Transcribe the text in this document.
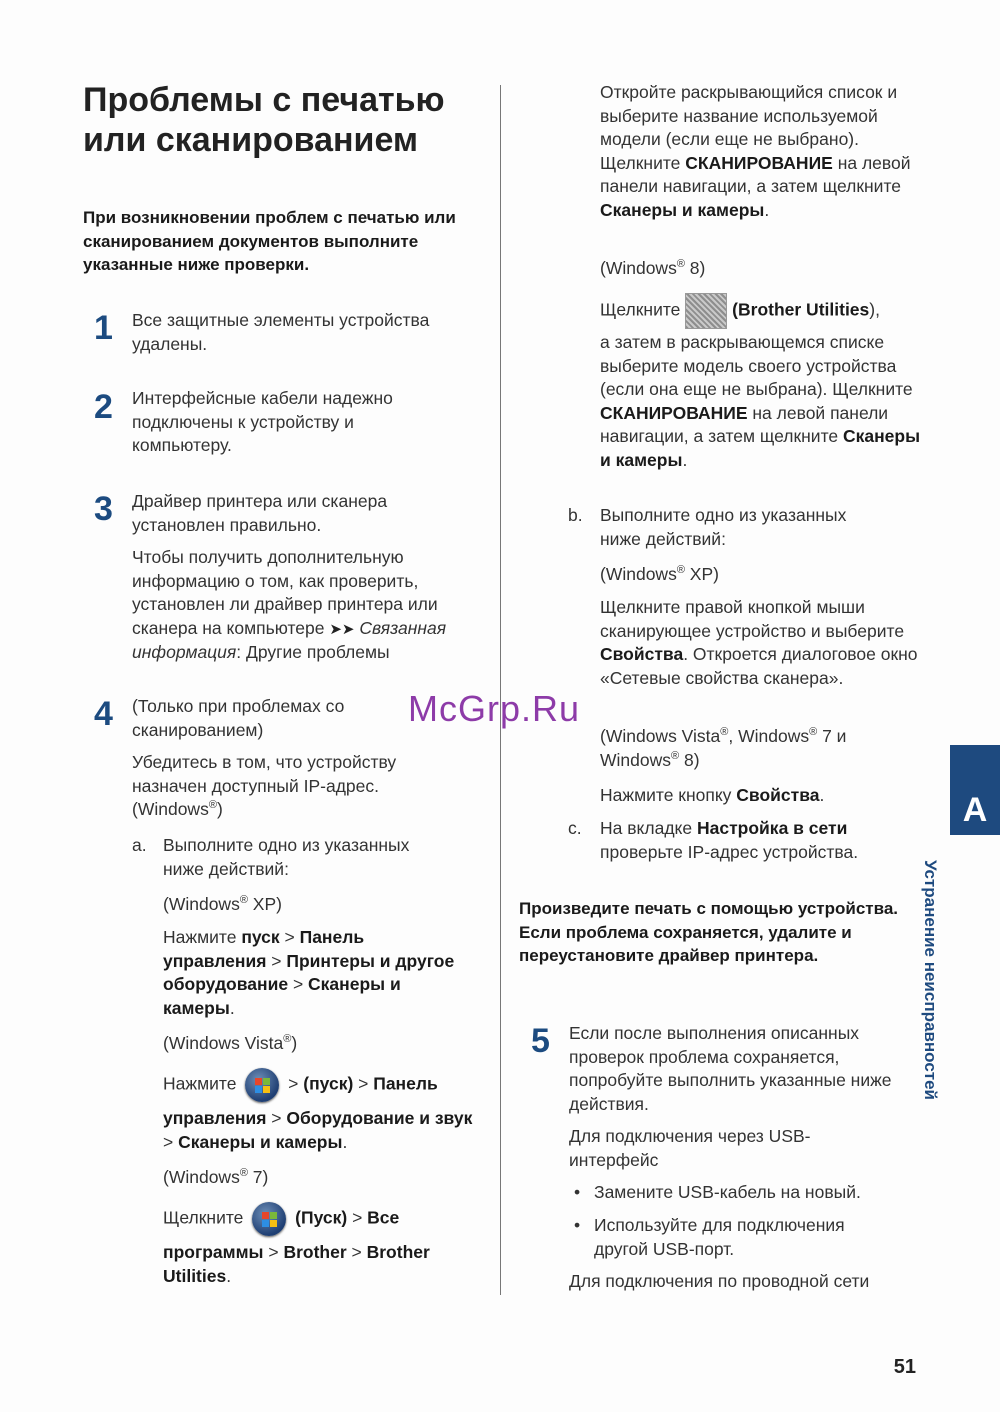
Проблемы с печатью
или сканированием
При возникновении проблем с печатью или сканированием документов выполните указанные ниже проверки.
1 Все защитные элементы устройства удалены.

2 Интерфейсные кабели надежно подключены к устройству и компьютеру.

3 Драйвер принтера или сканера установлен правильно.

Чтобы получить дополнительную информацию о том, как проверить, установлен ли драйвер принтера или сканера на компьютере ➤➤ Связанная информация: Другие проблемы

4 (Только при проблемах со сканированием)

Убедитесь в том, что устройству назначен доступный IP-адрес. (Windows®)

a. Выполните одно из указанных ниже действий:

(Windows® XP)

Нажмите пуск > Панель управления > Принтеры и другое оборудование > Сканеры и камеры.

(Windows Vista®)

Нажмите	> (пуск) > Панель

управления > Оборудование и звук > Сканеры и камеры.

(Windows® 7)

Щелкните	(Пуск) > Все

программы > Brother > Brother Utilities.

Откройте раскрывающийся список и выберите название используемой модели (если еще не выбрано). Щелкните СКАНИРОВАНИЕ на левой панели навигации, а затем щелкните Сканеры и камеры.

(Windows® 8)

Щелкните	(Brother Utilities),

а затем в раскрывающемся списке выберите модель своего устройства (если она еще не выбрана). Щелкните СКАНИРОВАНИЕ на левой панели навигации, а затем щелкните Сканеры и камеры.

b. Выполните одно из указанных ниже действий:

(Windows® XP)

Щелкните правой кнопкой мыши сканирующее устройство и выберите Свойства. Откроется диалоговое окно «Сетевые свойства сканера».

(Windows Vista®, Windows® 7 и
Windows® 8)

Нажмите кнопку Свойства.

c. На вкладке Настройка в сети проверьте IP-адрес устройства.

Произведите печать с помощью устройства. Если проблема сохраняется, удалите и переустановите драйвер принтера.
5 Если после выполнения описанных проверок проблема сохраняется, попробуйте выполнить указанные ниже действия.

Для подключения через USB-интерфейс

• Замените USB-кабель на новый.

• Используйте для подключения другой USB-порт.

Для подключения по проводной сети

A
Устранение неисправностей
McGrp.Ru
51
